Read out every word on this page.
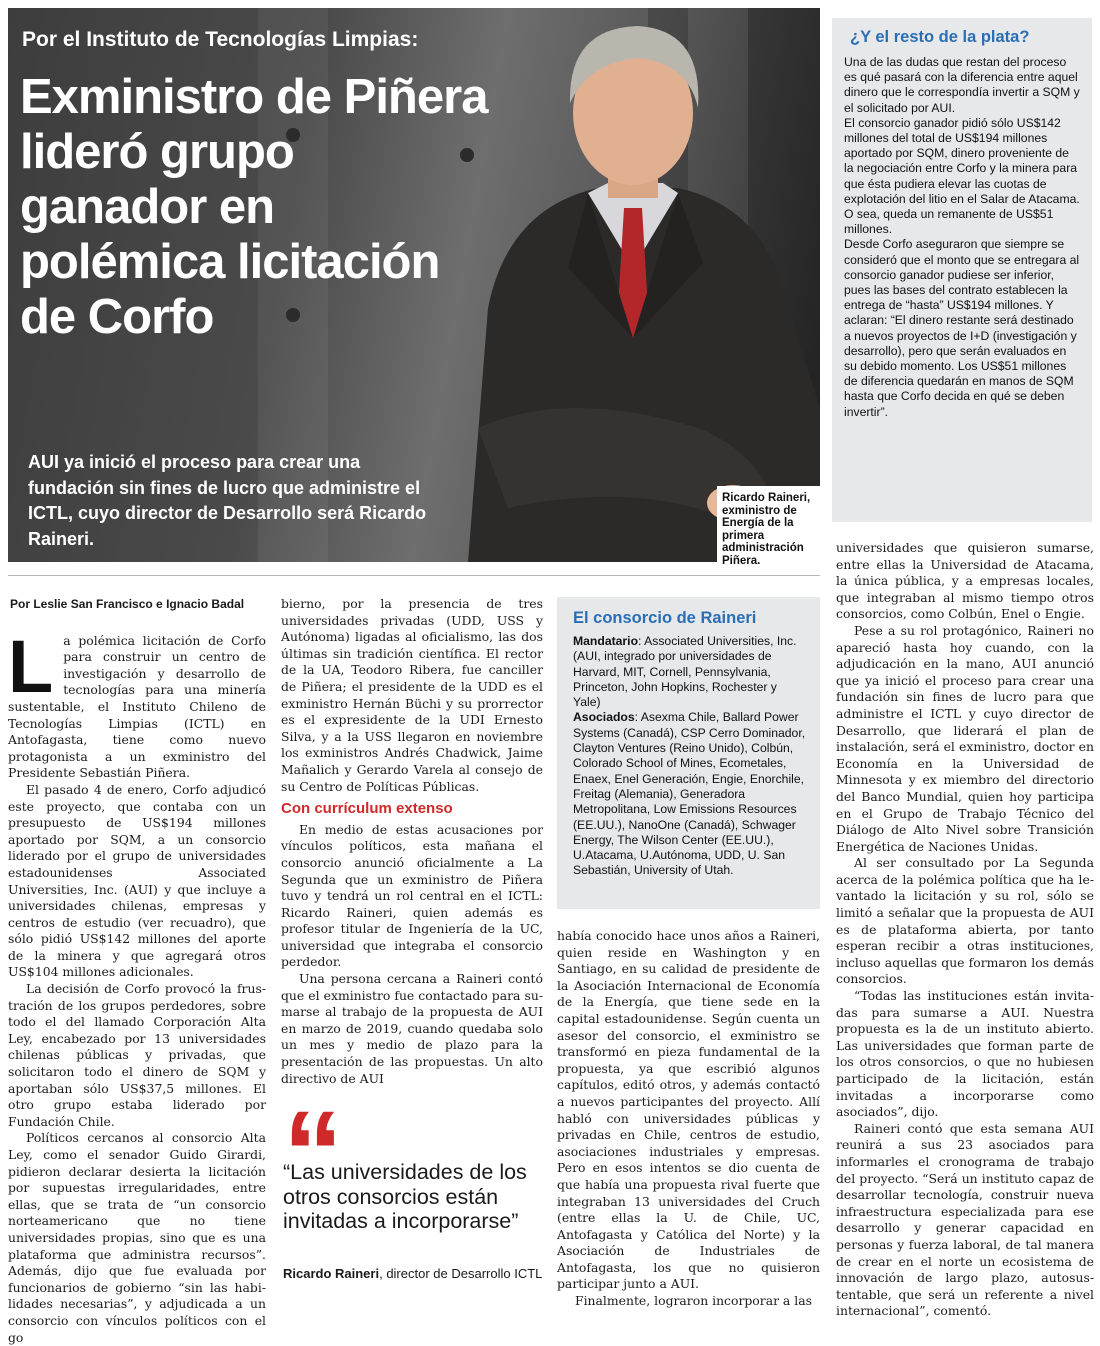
Por el Instituto de Tecnologías Limpias:
Exministro de Piñera lideró grupo ganador en polémica licitación de Corfo
AUI ya inició el proceso para crear una fundación sin fines de lucro que administre el ICTL, cuyo director de Desarrollo será Ricardo Raineri.
Ricardo Raineri, exministro de Energía de la primera administración Piñera.
¿Y el resto de la plata?

Una de las dudas que restan del proceso es qué pasará con la diferencia entre aquel dinero que le correspondía invertir a SQM y el solicitado por AUI.

El consorcio ganador pidió sólo US$142 millones del total de US$194 millones aportado por SQM, dinero proveniente de la negociación entre Corfo y la minera para que ésta pudiera elevar las cuotas de explotación del litio en el Salar de Atacama.

O sea, queda un remanente de US$51 millones.

Desde Corfo aseguraron que siempre se consideró que el monto que se entregara al consorcio ganador pudiese ser inferior, pues las bases del contrato establecen la entrega de “hasta” US$194 millones. Y aclaran: “El dinero restante será destinado a nuevos proyectos de I+D (investigación y desarrollo), pero que serán evaluados en su debido momento. Los US$51 millones de diferencia quedarán en manos de SQM hasta que Corfo decida en qué se deben invertir”.

Por Leslie San Francisco e Ignacio Badal
L a polémica licitación de Corfo para construir un centro de investigación y desarrollo de tecnologías para una minería sustentable, el Instituto Chileno de Tecnologías Limpias (ICTL) en Antofagasta, tiene como nuevo protagonista a un exministro del Presidente Sebastián Piñera.

El pasado 4 de enero, Corfo adjudicó este proyecto, que contaba con un presupuesto de US$194 millones aportado por SQM, a un consorcio liderado por el grupo de universidades estadounidenses Associated Universities, Inc. (AUI) y que incluye a universidades chilenas, empresas y centros de estudio (ver recuadro), que sólo pidió US$142 millones del aporte de la minera y que agregará otros US$104 millones adicionales.

La decisión de Corfo provocó la frustración de los grupos perdedores, sobre todo el del llamado Corporación Alta Ley, encabezado por 13 universidades chilenas públicas y privadas, que solicitaron todo el dinero de SQM y aportaban sólo US$37,5 millones. El otro grupo estaba liderado por Fundación Chile.

Políticos cercanos al consorcio Alta Ley, como el senador Guido Girardi, pidieron declarar desierta la licitación por supuestas irregularidades, entre ellas, que se trata de “un consorcio norteamericano que no tiene universidades propias, sino que es una plataforma que administra recursos”. Además, dijo que fue evaluada por funcionarios de gobierno “sin las habilidades necesarias”, y adjudicada a un consorcio con vínculos políticos con el go

bierno, por la presencia de tres universidades privadas (UDD, USS y Autónoma) ligadas al oficialismo, las dos últimas sin tradición científica. El rector de la UA, Teodoro Ribera, fue canciller de Piñera; el presidente de la UDD es el exministro Hernán Büchi y su prorrector es el expresidente de la UDI Ernesto Silva, y a la USS llegaron en noviembre los exministros Andrés Chadwick, Jaime Mañalich y Gerardo Varela al consejo de su Centro de Políticas Públicas.

Con currículum extenso

En medio de estas acusaciones por vínculos políticos, esta mañana el consorcio anunció oficialmente a La Segunda que un exministro de Piñera tuvo y tendrá un rol central en el ICTL: Ricardo Raineri, quien además es profesor titular de Ingeniería de la UC, universidad que integraba el consorcio perdedor.

Una persona cercana a Raineri contó que el exministro fue contactado para sumarse al trabajo de la propuesta de AUI en marzo de 2019, cuando quedaba solo un mes y medio de plazo para la presentación de las propuestas. Un alto directivo de AUI

“
“Las universidades de los otros consorcios están invitadas a incorporarse”
Ricardo Raineri, director de Desarrollo ICTL
El consorcio de Raineri
Mandatario: Associated Universities, Inc. (AUI, integrado por universidades de Harvard, MIT, Cornell, Pennsylvania, Princeton, John Hopkins, Rochester y Yale)
Asociados: Asexma Chile, Ballard Power Systems (Canadá), CSP Cerro Dominador, Clayton Ventures (Reino Unido), Colbún, Colorado School of Mines, Ecometales, Enaex, Enel Generación, Engie, Enorchile, Freitag (Alemania), Generadora Metropolitana, Low Emissions Resources (EE.UU.), NanoOne (Canadá), Schwager Energy, The Wilson Center (EE.UU.), U.Atacama, U.Autónoma, UDD, U. San Sebastián, University of Utah.

había conocido hace unos años a Raineri, quien reside en Washington y en Santiago, en su calidad de presidente de la Asociación Internacional de Economía de la Energía, que tiene sede en la capital estadounidense. Según cuenta un asesor del consorcio, el exministro se transformó en pieza fundamental de la propuesta, ya que escribió algunos capítulos, editó otros, y además contactó a nuevos participantes del proyecto. Allí habló con universidades públicas y privadas en Chile, centros de estudio, asociaciones industriales y empresas. Pero en esos intentos se dio cuenta de que había una propuesta rival fuerte que integraban 13 universidades del Cruch (entre ellas la U. de Chile, UC, Antofagasta y Católica del Norte) y la Asociación de Industriales de Antofagasta, los que no quisieron participar junto a AUI.

Finalmente, lograron incorporar a las

universidades que quisieron sumarse, entre ellas la Universidad de Atacama, la única pública, y a empresas locales, que integraban al mismo tiempo otros consorcios, como Colbún, Enel o Engie.

Pese a su rol protagónico, Raineri no apareció hasta hoy cuando, con la adjudicación en la mano, AUI anunció que ya inició el proceso para crear una fundación sin fines de lucro para que administre el ICTL y cuyo director de Desarrollo, que liderará el plan de instalación, será el exministro, doctor en Economía en la Universidad de Minnesota y ex miembro del directorio del Banco Mundial, quien hoy participa en el Grupo de Trabajo Técnico del Diálogo de Alto Nivel sobre Transición Energética de Naciones Unidas.

Al ser consultado por La Segunda acerca de la polémica política que ha levantado la licitación y su rol, sólo se limitó a señalar que la propuesta de AUI es de plataforma abierta, por tanto esperan recibir a otras instituciones, incluso aquellas que formaron los demás consorcios.

“Todas las instituciones están invitadas para sumarse a AUI. Nuestra propuesta es la de un instituto abierto. Las universidades que forman parte de los otros consorcios, o que no hubiesen participado de la licitación, están invitadas a incorporarse como asociados”, dijo.

Raineri contó que esta semana AUI reunirá a sus 23 asociados para informarles el cronograma de trabajo del proyecto. “Será un instituto capaz de desarrollar tecnología, construir nueva infraestructura especializada para ese desarrollo y generar capacidad en personas y fuerza laboral, de tal manera de crear en el norte un ecosistema de innovación de largo plazo, autosustentable, que será un referente a nivel internacional”, comentó.
